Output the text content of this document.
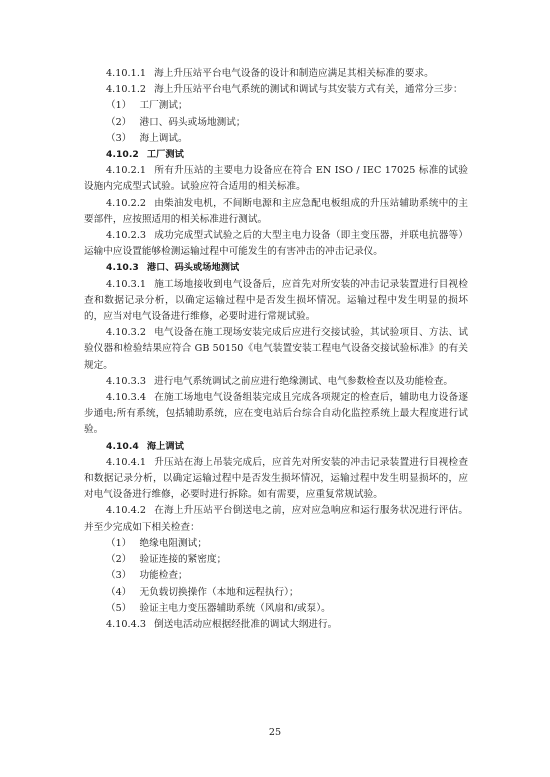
4.10.1.1 海上升压站平台电气设备的设计和制造应满足其相关标准的要求。

4.10.1.2 海上升压站平台电气系统的测试和调试与其安装方式有关，通常分三步：

（1） 工厂测试；

（2） 港口、码头或场地测试；

（3） 海上调试。

4.10.2 工厂测试

4.10.2.1 所有升压站的主要电力设备应在符合 EN ISO / IEC 17025 标准的试验设施内完成型式试验。试验应符合适用的相关标准。

4.10.2.2 由柴油发电机，不间断电源和主应急配电板组成的升压站辅助系统中的主要部件，应按照适用的相关标准进行测试。

4.10.2.3 成功完成型式试验之后的大型主电力设备（即主变压器，并联电抗器等）运输中应设置能够检测运输过程中可能发生的有害冲击的冲击记录仪。

4.10.3 港口、码头或场地测试

4.10.3.1 施工场地接收到电气设备后，应首先对所安装的冲击记录装置进行目视检查和数据记录分析，以确定运输过程中是否发生损坏情况。运输过程中发生明显的损坏的，应当对电气设备进行维修，必要时进行常规试验。

4.10.3.2 电气设备在施工现场安装完成后应进行交接试验，其试验项目、方法、试验仪器和检验结果应符合 GB 50150《电气装置安装工程电气设备交接试验标准》的有关规定。

4.10.3.3 进行电气系统调试之前应进行绝缘测试、电气参数检查以及功能检查。

4.10.3.4 在施工场地电气设备组装完成且完成各项规定的检查后，辅助电力设备逐步通电;所有系统，包括辅助系统，应在变电站后台综合自动化监控系统上最大程度进行试验。

4.10.4 海上调试

4.10.4.1 升压站在海上吊装完成后，应首先对所安装的冲击记录装置进行目视检查和数据记录分析，以确定运输过程中是否发生损坏情况，运输过程中发生明显损坏的，应对电气设备进行维修，必要时进行拆除。如有需要，应重复常规试验。

4.10.4.2 在海上升压站平台倒送电之前，应对应急响应和运行服务状况进行评估。并至少完成如下相关检查：

（1） 绝缘电阻测试；

（2） 验证连接的紧密度；

（3） 功能检查；

（4） 无负载切换操作（本地和远程执行）；

（5） 验证主电力变压器辅助系统（风扇和/或泵）。

4.10.4.3 倒送电活动应根据经批准的调试大纲进行。

25
